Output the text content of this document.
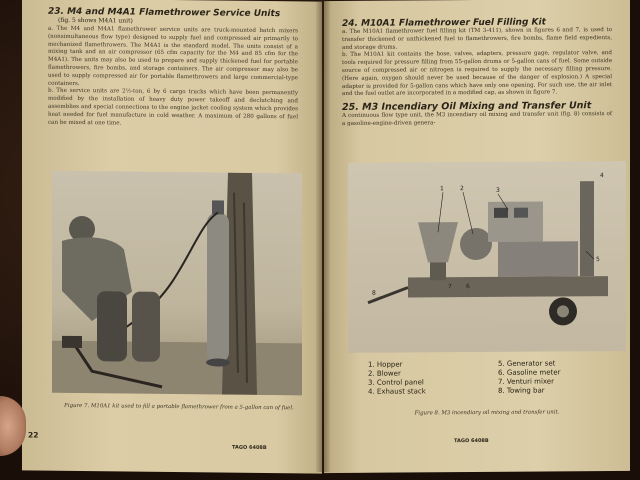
23. M4 and M4A1 Flamethrower Service Units

(fig. 5 shows M4A1 unit)

a. The M4 and M4A1 flamethrower service units are truck-mounted batch mixers (nonsimultaneous flow type) designed to supply fuel and compressed air primarily to mechanized flamethrowers. The M4A1 is the standard model. The units consist of a mixing tank and an air compressor (65 cfm capacity for the M4 and 85 cfm for the M4A1). The units may also be used to prepare and supply thickened fuel for portable flamethrowers, fire bombs, and storage containers. The air compressor may also be used to supply compressed air for portable flamethrowers and large commercial-type containers.

b. The service units are 2½-ton, 6 by 6 cargo trucks which have been permanently modified by the installation of heavy duty power takeoff and declutching and assemblies and special connections to the engine jacket cooling system which provides heat needed for fuel manufacture in cold weather. A maximum of 280 gallons of fuel can be mixed at one time.

Figure 7. M10A1 kit used to fill a portable flamethrower from a 5-gallon can of fuel.
22
TAGO 6408B
24. M10A1 Flamethrower Fuel Filling Kit

a. The M10A1 flamethrower fuel filling kit (TM 3-411), shown in figures 6 and 7, is used to transfer thickened or unthickened fuel to flamethrowers, fire bombs, flame field expedients, and storage drums.

b. The M10A1 kit contains the hose, valves, adapters, pressure gage, regulator valve, and tools required for pressure filling from 55-gallon drums or 5-gallon cans of fuel. Some outside source of compressed air or nitrogen is required to supply the necessary filling pressure. (Here again, oxygen should never be used because of the danger of explosion.) A special adapter is provided for 5-gallon cans which have only one opening. For such use, the air inlet and the fuel outlet are incorporated in a modified cap, as shown in figure 7.

25. M3 Incendiary Oil Mixing and Transfer Unit

A continuous flow type unit, the M3 incendiary oil mixing and transfer unit (fig. 8) consists of a gasoline-engine-driven genera-

1	2	3
4
5
6
7
8
1. Hopper	5. Generator set
2. Blower	6. Gasoline meter
3. Control panel	7. Venturi mixer
4. Exhaust stack	8. Towing bar
Figure 8. M3 incendiary oil mixing and transfer unit.
TAGO 6408B
